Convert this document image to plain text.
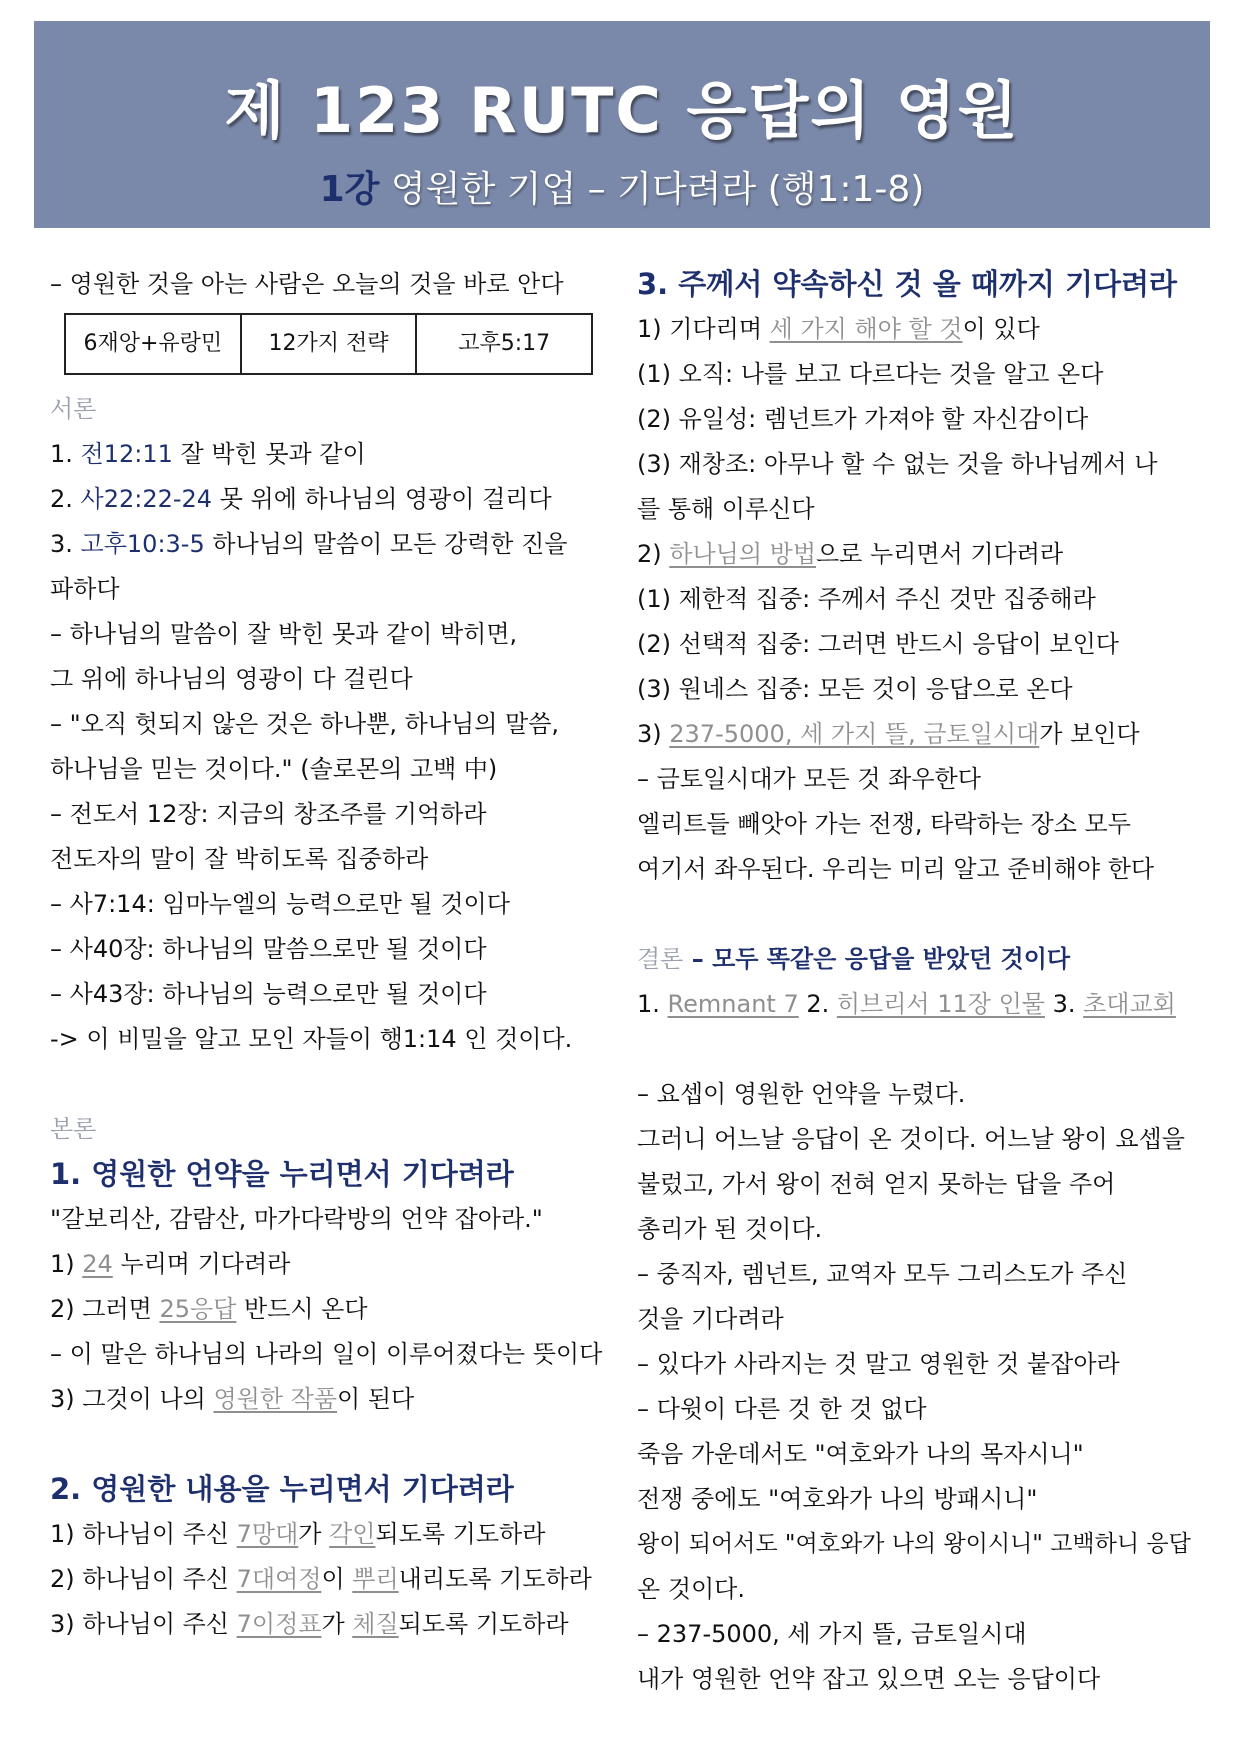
제 123 RUTC 응답의 영원
1강 영원한 기업 – 기다려라 (행1:1-8)
– 영원한 것을 아는 사람은 오늘의 것을 바로 안다
6재앙+유랑민	12가지 전략	고후5:17
서론
1. 전12:11 잘 박힌 못과 같이
2. 사22:22-24 못 위에 하나님의 영광이 걸리다
3. 고후10:3-5 하나님의 말씀이 모든 강력한 진을
파하다
– 하나님의 말씀이 잘 박힌 못과 같이 박히면,
그 위에 하나님의 영광이 다 걸린다
– "오직 헛되지 않은 것은 하나뿐, 하나님의 말씀,
하나님을 믿는 것이다." (솔로몬의 고백 中)
– 전도서 12장: 지금의 창조주를 기억하라
전도자의 말이 잘 박히도록 집중하라
– 사7:14: 임마누엘의 능력으로만 될 것이다
– 사40장: 하나님의 말씀으로만 될 것이다
– 사43장: 하나님의 능력으로만 될 것이다
-> 이 비밀을 알고 모인 자들이 행1:14 인 것이다.
본론
1. 영원한 언약을 누리면서 기다려라
"갈보리산, 감람산, 마가다락방의 언약 잡아라."
1) 24 누리며 기다려라
2) 그러면 25응답 반드시 온다
– 이 말은 하나님의 나라의 일이 이루어졌다는 뜻이다
3) 그것이 나의 영원한 작품이 된다
2. 영원한 내용을 누리면서 기다려라
1) 하나님이 주신 7망대가 각인되도록 기도하라
2) 하나님이 주신 7대여정이 뿌리내리도록 기도하라
3) 하나님이 주신 7이정표가 체질되도록 기도하라
3. 주께서 약속하신 것 올 때까지 기다려라
1) 기다리며 세 가지 해야 할 것이 있다
(1) 오직: 나를 보고 다르다는 것을 알고 온다
(2) 유일성: 렘넌트가 가져야 할 자신감이다
(3) 재창조: 아무나 할 수 없는 것을 하나님께서 나
를 통해 이루신다
2) 하나님의 방법으로 누리면서 기다려라
(1) 제한적 집중: 주께서 주신 것만 집중해라
(2) 선택적 집중: 그러면 반드시 응답이 보인다
(3) 원네스 집중: 모든 것이 응답으로 온다
3) 237-5000, 세 가지 뜰, 금토일시대가 보인다
– 금토일시대가 모든 것 좌우한다
엘리트들 빼앗아 가는 전쟁, 타락하는 장소 모두
여기서 좌우된다. 우리는 미리 알고 준비해야 한다
결론 – 모두 똑같은 응답을 받았던 것이다
1. Remnant 7 2. 히브리서 11장 인물 3. 초대교회
– 요셉이 영원한 언약을 누렸다.
그러니 어느날 응답이 온 것이다. 어느날 왕이 요셉을
불렀고, 가서 왕이 전혀 얻지 못하는 답을 주어
총리가 된 것이다.
– 중직자, 렘넌트, 교역자 모두 그리스도가 주신
것을 기다려라
– 있다가 사라지는 것 말고 영원한 것 붙잡아라
– 다윗이 다른 것 한 것 없다
죽음 가운데서도 "여호와가 나의 목자시니"
전쟁 중에도 "여호와가 나의 방패시니"
왕이 되어서도 "여호와가 나의 왕이시니" 고백하니 응답
온 것이다.
– 237-5000, 세 가지 뜰, 금토일시대
내가 영원한 언약 잡고 있으면 오는 응답이다
